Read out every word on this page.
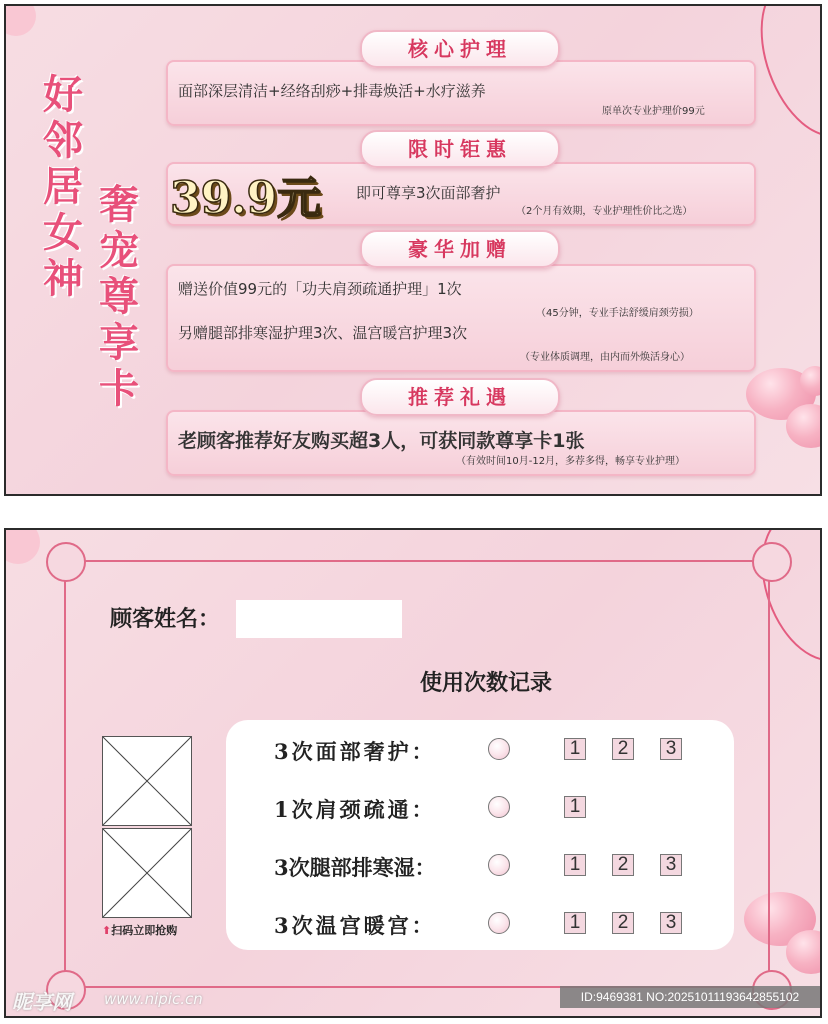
好邻居女神
奢宠尊享卡
核心护理
面部深层清洁+经络刮痧+排毒焕活+水疗滋养
原单次专业护理价99元
限时钜惠
39.9元 即可尊享3次面部奢护
（2个月有效期，专业护理性价比之选）
豪华加赠
赠送价值99元的「功夫肩颈疏通护理」1次
（45分钟，专业手法舒缓肩颈劳损）
另赠腿部排寒湿护理3次、温宫暖宫护理3次
（专业体质调理，由内而外焕活身心）
推荐礼遇
老顾客推荐好友购买超3人，可获同款尊享卡1张
（有效时间10月-12月，多荐多得，畅享专业护理）
顾客姓名：
使用次数记录
⬆扫码立即抢购
3次面部奢护：	1	2	3
1次肩颈疏通：	1
3次腿部排寒湿：	1	2	3
3次温宫暖宫：	1	2	3
昵享网 www.nipic.cn	ID:9469381 NO:20251011193642855102
